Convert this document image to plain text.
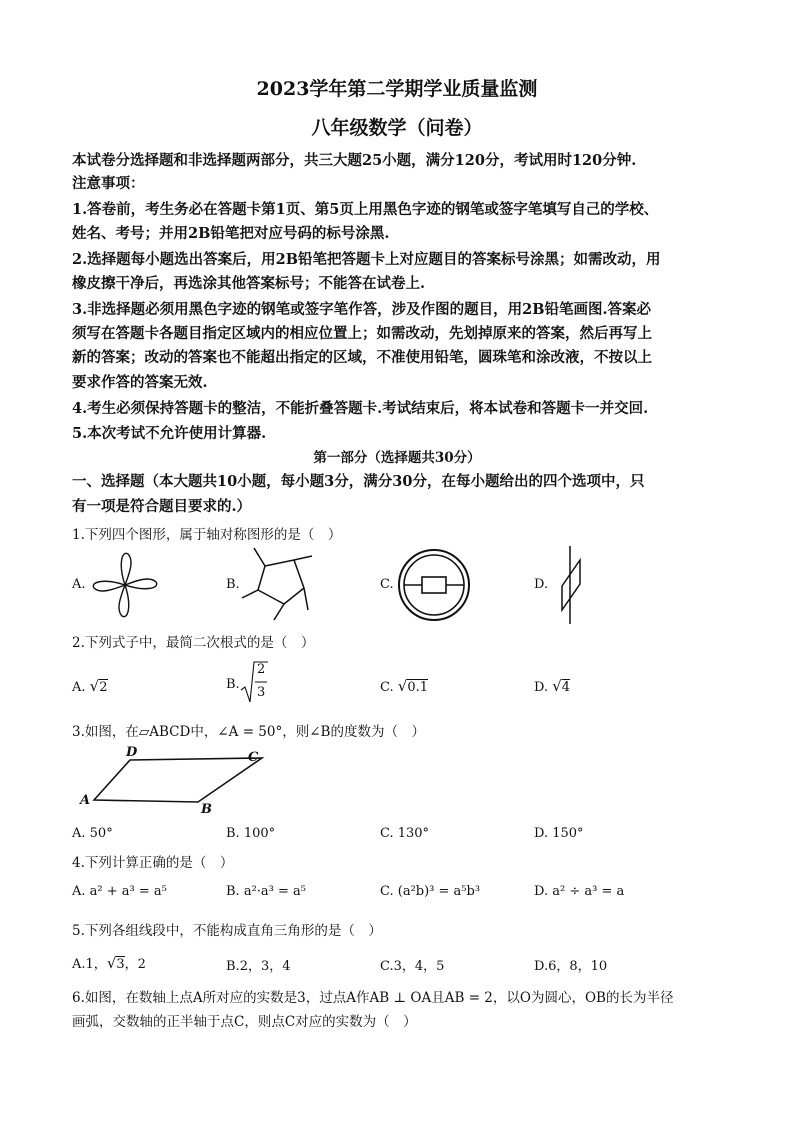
2023学年第二学期学业质量监测
八年级数学（问卷）
本试卷分选择题和非选择题两部分，共三大题25小题，满分120分，考试用时120分钟.
注意事项：
1.答卷前，考生务必在答题卡第1页、第5页上用黑色字迹的钢笔或签字笔填写自己的学校、
姓名、考号；并用2B铅笔把对应号码的标号涂黑.
2.选择题每小题选出答案后，用2B铅笔把答题卡上对应题目的答案标号涂黑；如需改动，用
橡皮擦干净后，再选涂其他答案标号；不能答在试卷上.
3.非选择题必须用黑色字迹的钢笔或签字笔作答，涉及作图的题目，用2B铅笔画图.答案必
须写在答题卡各题目指定区域内的相应位置上；如需改动，先划掉原来的答案，然后再写上
新的答案；改动的答案也不能超出指定的区域，不准使用铅笔，圆珠笔和涂改液，不按以上
要求作答的答案无效.
4.考生必须保持答题卡的整洁，不能折叠答题卡.考试结束后，将本试卷和答题卡一并交回.
5.本次考试不允许使用计算器.
第一部分（选择题共30分）
一、选择题（本大题共10小题，每小题3分，满分30分，在每小题给出的四个选项中，只
有一项是符合题目要求的.）
1.下列四个图形，属于轴对称图形的是（　）
A.	B.	C.	D.
2.下列式子中，最简二次根式的是（　）
A. √2	B.
2
3	C. √0.1	D. √4
3.如图，在▱ABCD中，∠A = 50°，则∠B的度数为（　）
D	C
A
B
A. 50°	B. 100°	C. 130°	D. 150°
4.下列计算正确的是（　）
A. a² + a³ = a⁵	B. a²·a³ = a⁵	C. (a²b)³ = a⁵b³	D. a² ÷ a³ = a
5.下列各组线段中，不能构成直角三角形的是（　）
A.1，√3，2	B.2，3，4	C.3，4，5	D.6，8，10
6.如图，在数轴上点A所对应的实数是3，过点A作AB ⊥ OA且AB = 2，以O为圆心，OB的长为半径
画弧，交数轴的正半轴于点C，则点C对应的实数为（　）
